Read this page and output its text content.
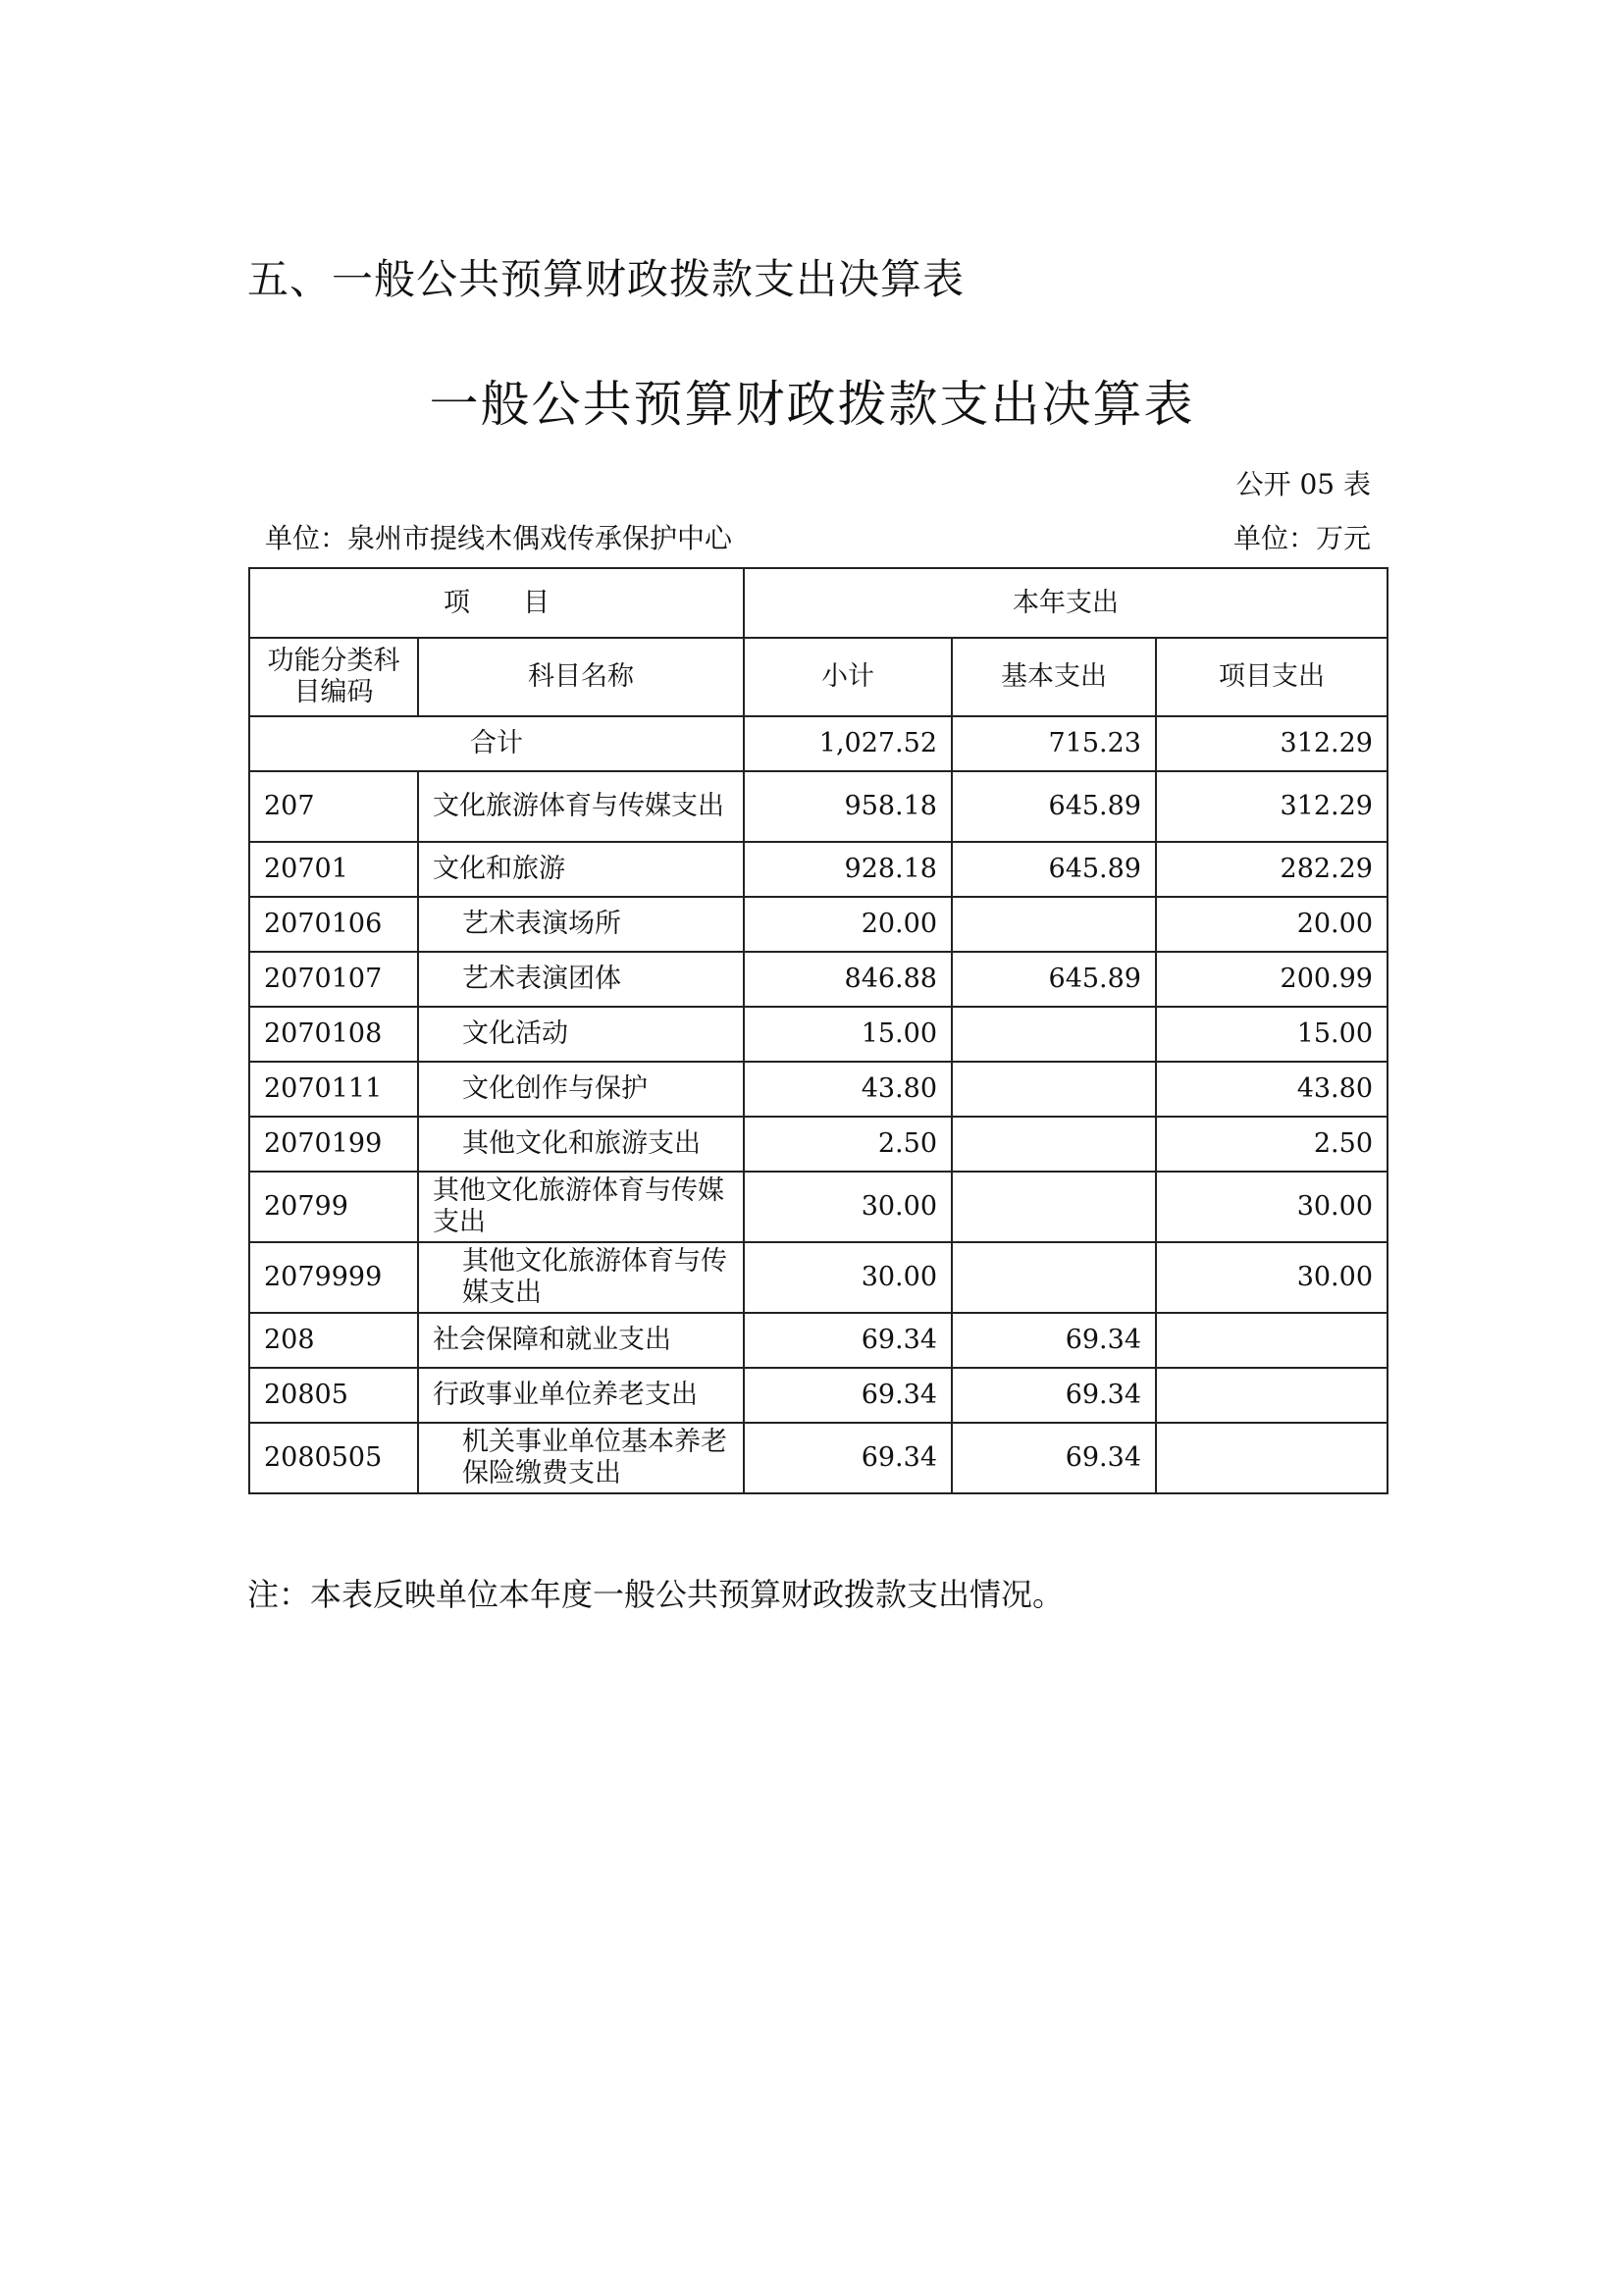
五、一般公共预算财政拨款支出决算表
一般公共预算财政拨款支出决算表
公开 05 表
单位：泉州市提线木偶戏传承保护中心	单位：万元
项　　目		本年支出		
功能分类科目编码	科目名称	小计	基本支出	项目支出
合计		1,027.52	715.23	312.29
207	文化旅游体育与传媒支出	958.18	645.89	312.29
20701	文化和旅游	928.18	645.89	282.29
2070106	艺术表演场所	20.00		20.00
2070107	艺术表演团体	846.88	645.89	200.99
2070108	文化活动	15.00		15.00
2070111	文化创作与保护	43.80		43.80
2070199	其他文化和旅游支出	2.50		2.50
20799	其他文化旅游体育与传媒支出	30.00		30.00
2079999	其他文化旅游体育与传媒支出	30.00		30.00
208	社会保障和就业支出	69.34	69.34	
20805	行政事业单位养老支出	69.34	69.34	
2080505	机关事业单位基本养老保险缴费支出	69.34	69.34	
注：本表反映单位本年度一般公共预算财政拨款支出情况。
